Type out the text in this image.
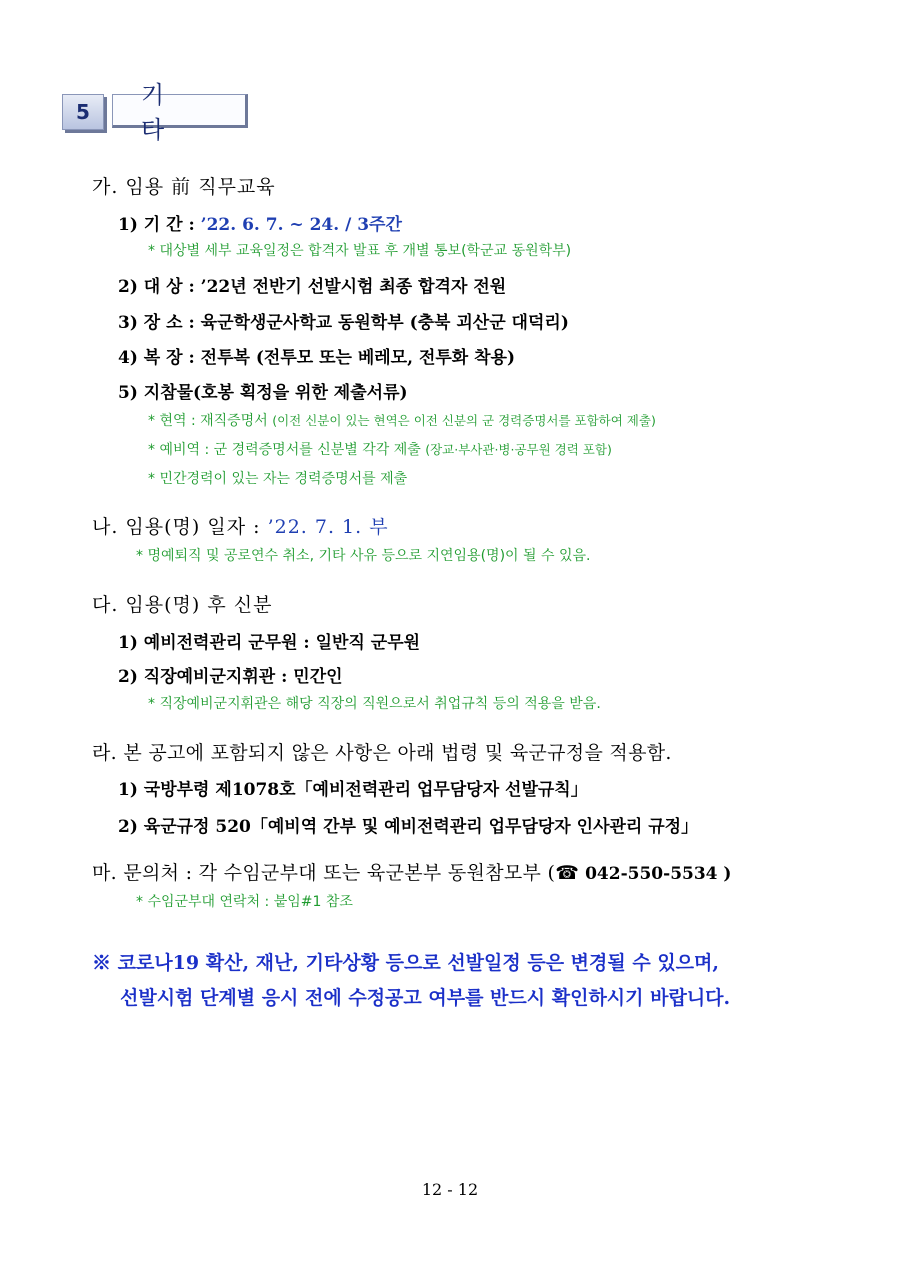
5
기타
가. 임용 前 직무교육
1) 기 간 : ’22. 6. 7. ~ 24. / 3주간
* 대상별 세부 교육일정은 합격자 발표 후 개별 통보(학군교 동원학부)
2) 대 상 : ’22년 전반기 선발시험 최종 합격자 전원
3) 장 소 : 육군학생군사학교 동원학부 (충북 괴산군 대덕리)
4) 복 장 : 전투복 (전투모 또는 베레모, 전투화 착용)
5) 지참물(호봉 획정을 위한 제출서류)
* 현역 : 재직증명서 (이전 신분이 있는 현역은 이전 신분의 군 경력증명서를 포함하여 제출)
* 예비역 : 군 경력증명서를 신분별 각각 제출 (장교·부사관·병·공무원 경력 포함)
* 민간경력이 있는 자는 경력증명서를 제출
나. 임용(명) 일자 : ’22. 7. 1. 부
* 명예퇴직 및 공로연수 취소, 기타 사유 등으로 지연임용(명)이 될 수 있음.
다. 임용(명) 후 신분
1) 예비전력관리 군무원 : 일반직 군무원
2) 직장예비군지휘관 : 민간인
* 직장예비군지휘관은 해당 직장의 직원으로서 취업규칙 등의 적용을 받음.
라. 본 공고에 포함되지 않은 사항은 아래 법령 및 육군규정을 적용함.
1) 국방부령 제1078호「예비전력관리 업무담당자 선발규칙」
2) 육군규정 520「예비역 간부 및 예비전력관리 업무담당자 인사관리 규정」
마. 문의처 : 각 수임군부대 또는 육군본부 동원참모부 (☎ 042-550-5534 )
* 수임군부대 연락처 : 붙임#1 참조
※ 코로나19 확산, 재난, 기타상황 등으로 선발일정 등은 변경될 수 있으며,
선발시험 단계별 응시 전에 수정공고 여부를 반드시 확인하시기 바랍니다.
12 - 12
